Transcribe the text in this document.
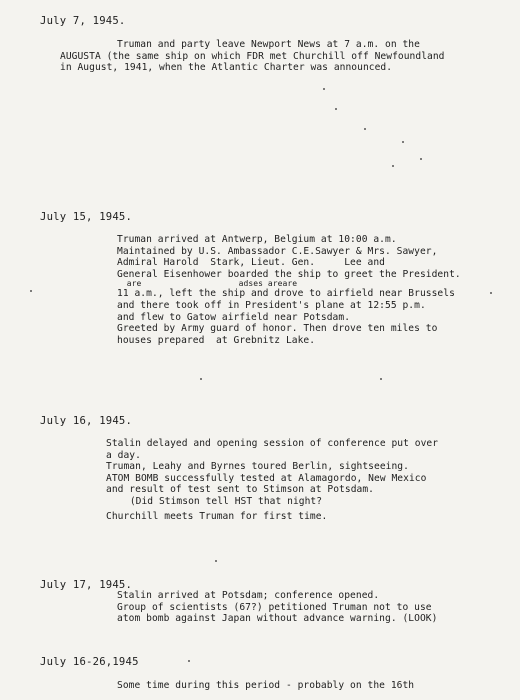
July 7, 1945.
Truman and party leave Newport News at 7 a.m. on the
AUGUSTA (the same ship on which FDR met Churchill off Newfoundland
in August, 1941, when the Atlantic Charter was announced.
July 15, 1945.
Truman arrived at Antwerp, Belgium at 10:00 a.m.
Maintained by U.S. Ambassador C.E.Sawyer & Mrs. Sawyer,
Admiral Harold  Stark, Lieut. Gen.     Lee and
General Eisenhower boarded the ship to greet the President.
are                    adses areare
11 a.m., left the ship and drove to airfield near Brussels
and there took off in President's plane at 12:55 p.m.
and flew to Gatow airfield near Potsdam.
Greeted by Army guard of honor. Then drove ten miles to
houses prepared  at Grebnitz Lake.
July 16, 1945.
Stalin delayed and opening session of conference put over
a day.
Truman, Leahy and Byrnes toured Berlin, sightseeing.
ATOM BOMB successfully tested at Alamagordo, New Mexico
and result of test sent to Stimson at Potsdam.
(Did Stimson tell HST that night?
Churchill meets Truman for first time.
July 17, 1945.
Stalin arrived at Potsdam; conference opened.
Group of scientists (67?) petitioned Truman not to use
atom bomb against Japan without advance warning. (LOOK)
July 16-26,1945
Some time during this period - probably on the 16th
